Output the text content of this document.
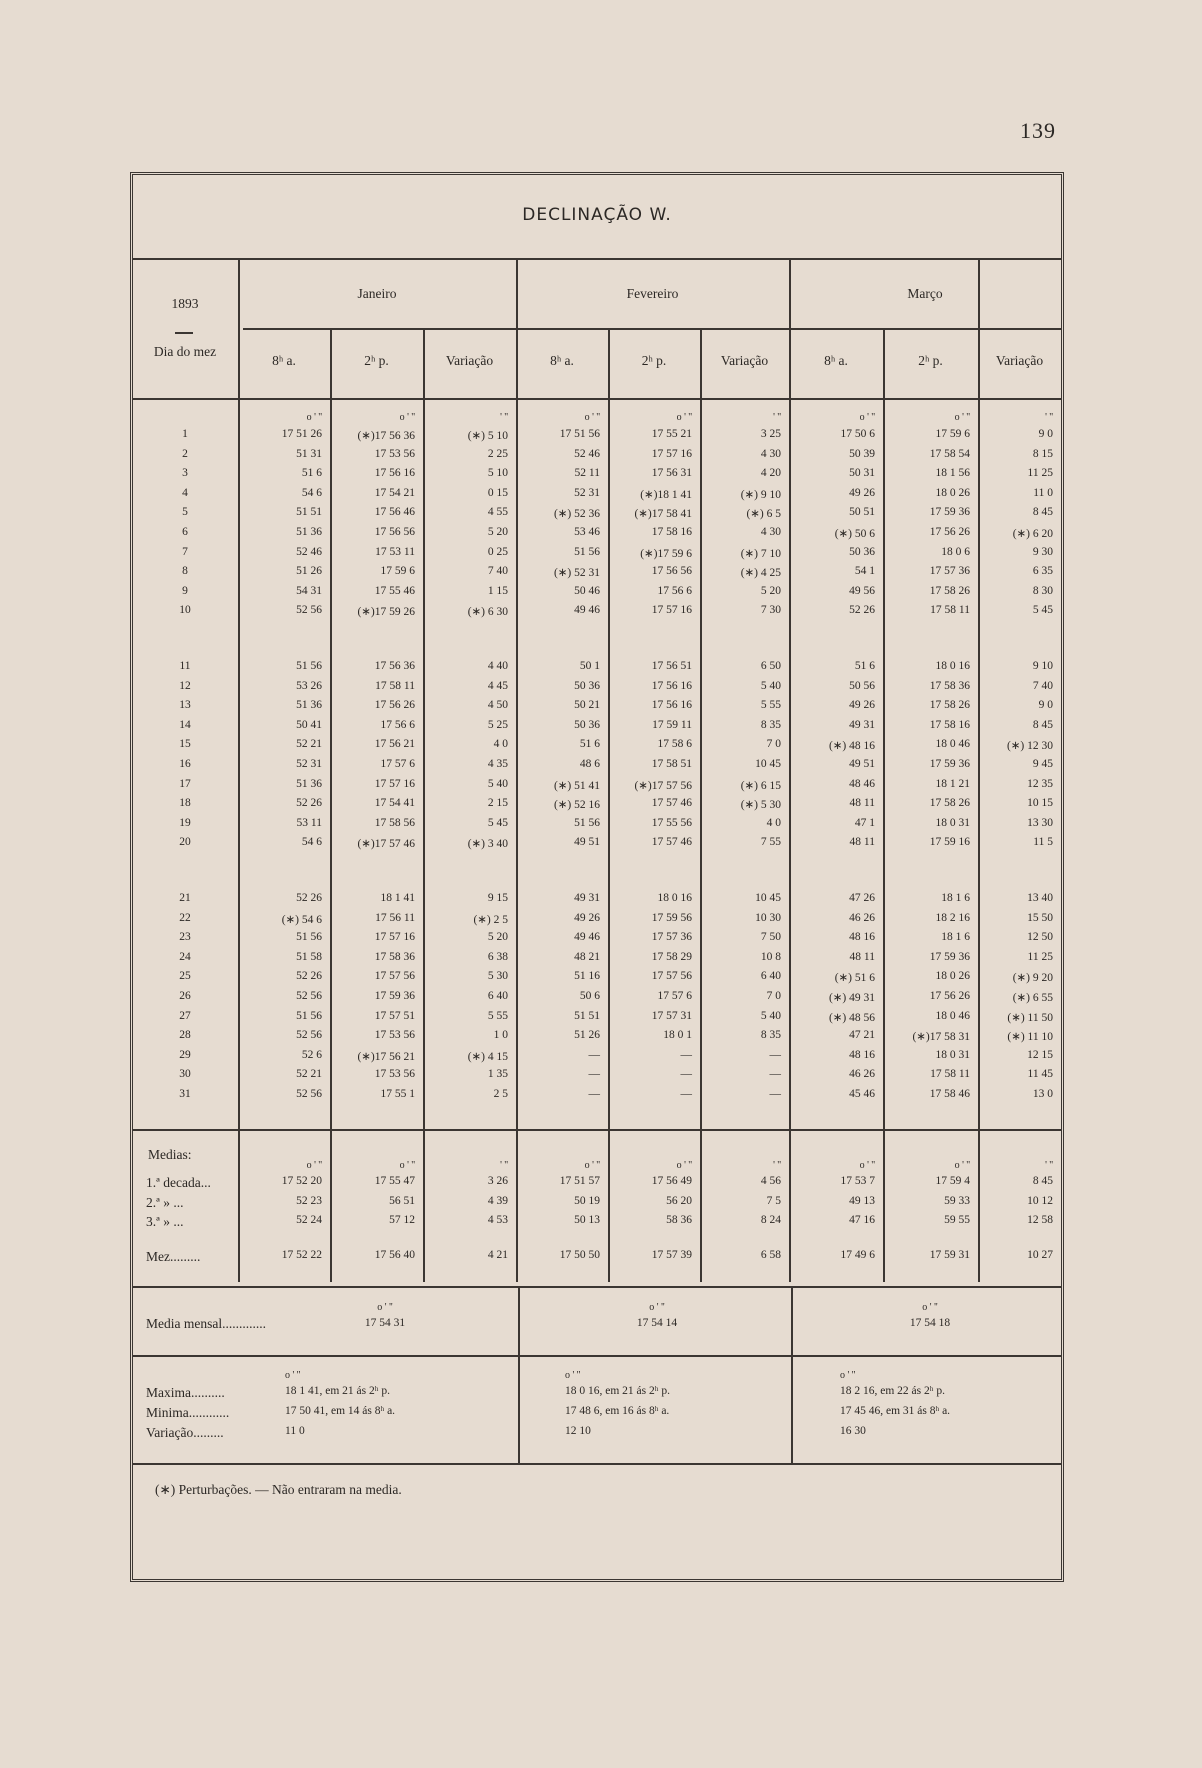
139
DECLINAÇÃO W.
1893
Dia do mez
Janeiro	Fevereiro	Março
8ʰ a.	2ʰ p.	Variação	8ʰ a.	2ʰ p.	Variação	8ʰ a.	2ʰ p.	Variação
o ' ''	o ' ''	' ''	o ' ''	o ' ''	' ''	o ' ''	o ' ''	' ''
1	17 51 26	(∗)17 56 36	(∗) 5 10	17 51 56	17 55 21	3 25	17 50 6	17 59 6	9 0
2	51 31	17 53 56	2 25	52 46	17 57 16	4 30	50 39	17 58 54	8 15
3	51 6	17 56 16	5 10	52 11	17 56 31	4 20	50 31	18 1 56	11 25
4	54 6	17 54 21	0 15	52 31	(∗)18 1 41	(∗) 9 10	49 26	18 0 26	11 0
5	51 51	17 56 46	4 55	(∗) 52 36	(∗)17 58 41	(∗) 6 5	50 51	17 59 36	8 45
6	51 36	17 56 56	5 20	53 46	17 58 16	4 30	(∗) 50 6	17 56 26	(∗) 6 20
7	52 46	17 53 11	0 25	51 56	(∗)17 59 6	(∗) 7 10	50 36	18 0 6	9 30
8	51 26	17 59 6	7 40	(∗) 52 31	17 56 56	(∗) 4 25	54 1	17 57 36	6 35
9	54 31	17 55 46	1 15	50 46	17 56 6	5 20	49 56	17 58 26	8 30
10	52 56	(∗)17 59 26	(∗) 6 30	49 46	17 57 16	7 30	52 26	17 58 11	5 45
11	51 56	17 56 36	4 40	50 1	17 56 51	6 50	51 6	18 0 16	9 10
12	53 26	17 58 11	4 45	50 36	17 56 16	5 40	50 56	17 58 36	7 40
13	51 36	17 56 26	4 50	50 21	17 56 16	5 55	49 26	17 58 26	9 0
14	50 41	17 56 6	5 25	50 36	17 59 11	8 35	49 31	17 58 16	8 45
15	52 21	17 56 21	4 0	51 6	17 58 6	7 0	(∗) 48 16	18 0 46	(∗) 12 30
16	52 31	17 57 6	4 35	48 6	17 58 51	10 45	49 51	17 59 36	9 45
17	51 36	17 57 16	5 40	(∗) 51 41	(∗)17 57 56	(∗) 6 15	48 46	18 1 21	12 35
18	52 26	17 54 41	2 15	(∗) 52 16	17 57 46	(∗) 5 30	48 11	17 58 26	10 15
19	53 11	17 58 56	5 45	51 56	17 55 56	4 0	47 1	18 0 31	13 30
20	54 6	(∗)17 57 46	(∗) 3 40	49 51	17 57 46	7 55	48 11	17 59 16	11 5
21	52 26	18 1 41	9 15	49 31	18 0 16	10 45	47 26	18 1 6	13 40
22	(∗) 54 6	17 56 11	(∗) 2 5	49 26	17 59 56	10 30	46 26	18 2 16	15 50
23	51 56	17 57 16	5 20	49 46	17 57 36	7 50	48 16	18 1 6	12 50
24	51 58	17 58 36	6 38	48 21	17 58 29	10 8	48 11	17 59 36	11 25
25	52 26	17 57 56	5 30	51 16	17 57 56	6 40	(∗) 51 6	18 0 26	(∗) 9 20
26	52 56	17 59 36	6 40	50 6	17 57 6	7 0	(∗) 49 31	17 56 26	(∗) 6 55
27	51 56	17 57 51	5 55	51 51	17 57 31	5 40	(∗) 48 56	18 0 46	(∗) 11 50
28	52 56	17 53 56	1 0	51 26	18 0 1	8 35	47 21	(∗)17 58 31	(∗) 11 10
29	52 6	(∗)17 56 21	(∗) 4 15	—	—	—	48 16	18 0 31	12 15
30	52 21	17 53 56	1 35	—	—	—	46 26	17 58 11	11 45
31	52 56	17 55 1	2 5	—	—	—	45 46	17 58 46	13 0
Medias:
o ' ''	o ' ''	' ''	o ' ''	o ' ''	' ''	o ' ''	o ' ''	' ''
1.ª decada...	17 52 20	17 55 47	3 26	17 51 57	17 56 49	4 56	17 53 7	17 59 4	8 45
2.ª » ...	52 23	56 51	4 39	50 19	56 20	7 5	49 13	59 33	10 12
3.ª » ...	52 24	57 12	4 53	50 13	58 36	8 24	47 16	59 55	12 58
Mez.........	17 52 22	17 56 40	4 21	17 50 50	17 57 39	6 58	17 49 6	17 59 31	10 27
Media mensal.............
o ' ''
17 54 31
o ' ''
17 54 14
o ' ''
17 54 18
o ' ''	o ' ''	o ' ''
Maxima..........	18 1 41, em 21 ás 2ʰ p.	18 0 16, em 21 ás 2ʰ p.	18 2 16, em 22 ás 2ʰ p.
Minima............	17 50 41, em 14 ás 8ʰ a.	17 48 6, em 16 ás 8ʰ a.	17 45 46, em 31 ás 8ʰ a.
Variação.........	11 0	12 10	16 30
(∗) Perturbações. — Não entraram na media.
